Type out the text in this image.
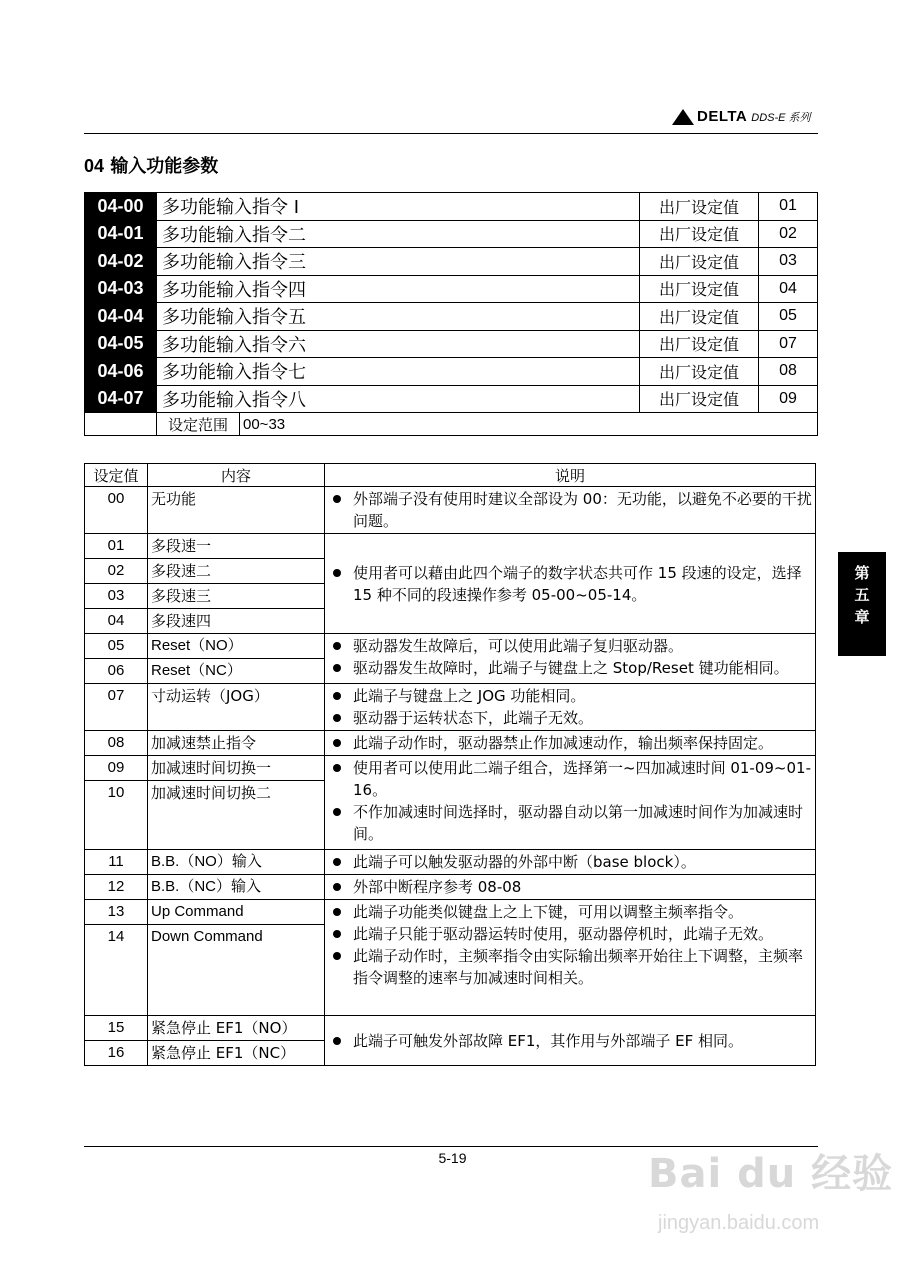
DELTA DDS-E 系列
04 输入功能参数
04-00	多功能输入指令 I		出厂设定值	01
04-01	多功能输入指令二		出厂设定值	02
04-02	多功能输入指令三		出厂设定值	03
04-03	多功能输入指令四		出厂设定值	04
04-04	多功能输入指令五		出厂设定值	05
04-05	多功能输入指令六		出厂设定值	07
04-06	多功能输入指令七		出厂设定值	08
04-07	多功能输入指令八		出厂设定值	09
	设定范围	00~33		
设定值	内容	说明
00	无功能	外部端子没有使用时建议全部设为 00：无功能，以避免不必要的干扰问题。

01	多段速一	使用者可以藉由此四个端子的数字状态共可作 15 段速的设定，选择 15 种不同的段速操作参考 05-00~05-14。

02	多段速二	
03	多段速三	
04	多段速四	
05	Reset（NO）	驱动器发生故障后，可以使用此端子复归驱动器。
驱动器发生故障时，此端子与键盘上之 Stop/Reset 键功能相同。

06	Reset（NC）	
07	寸动运转（JOG）	此端子与键盘上之 JOG 功能相同。
驱动器于运转状态下，此端子无效。

08	加减速禁止指令	此端子动作时，驱动器禁止作加减速动作，输出频率保持固定。

09	加减速时间切换一	使用者可以使用此二端子组合，选择第一~四加减速时间 01-09~01-16。
不作加减速时间选择时，驱动器自动以第一加减速时间作为加减速时间。

10	加减速时间切换二	
11	B.B.（NO）输入	此端子可以触发驱动器的外部中断（base block）。

12	B.B.（NC）输入	外部中断程序参考 08-08

13	Up Command	此端子功能类似键盘上之上下键，可用以调整主频率指令。
此端子只能于驱动器运转时使用，驱动器停机时，此端子无效。
此端子动作时，主频率指令由实际输出频率开始往上下调整，主频率指令调整的速率与加减速时间相关。

14	Down Command	
15	紧急停止 EF1（NO）	此端子可触发外部故障 EF1，其作用与外部端子 EF 相同。

16	紧急停止 EF1（NC）	
第
五
章
5-19	Bai du 经验
jingyan.baidu.com
